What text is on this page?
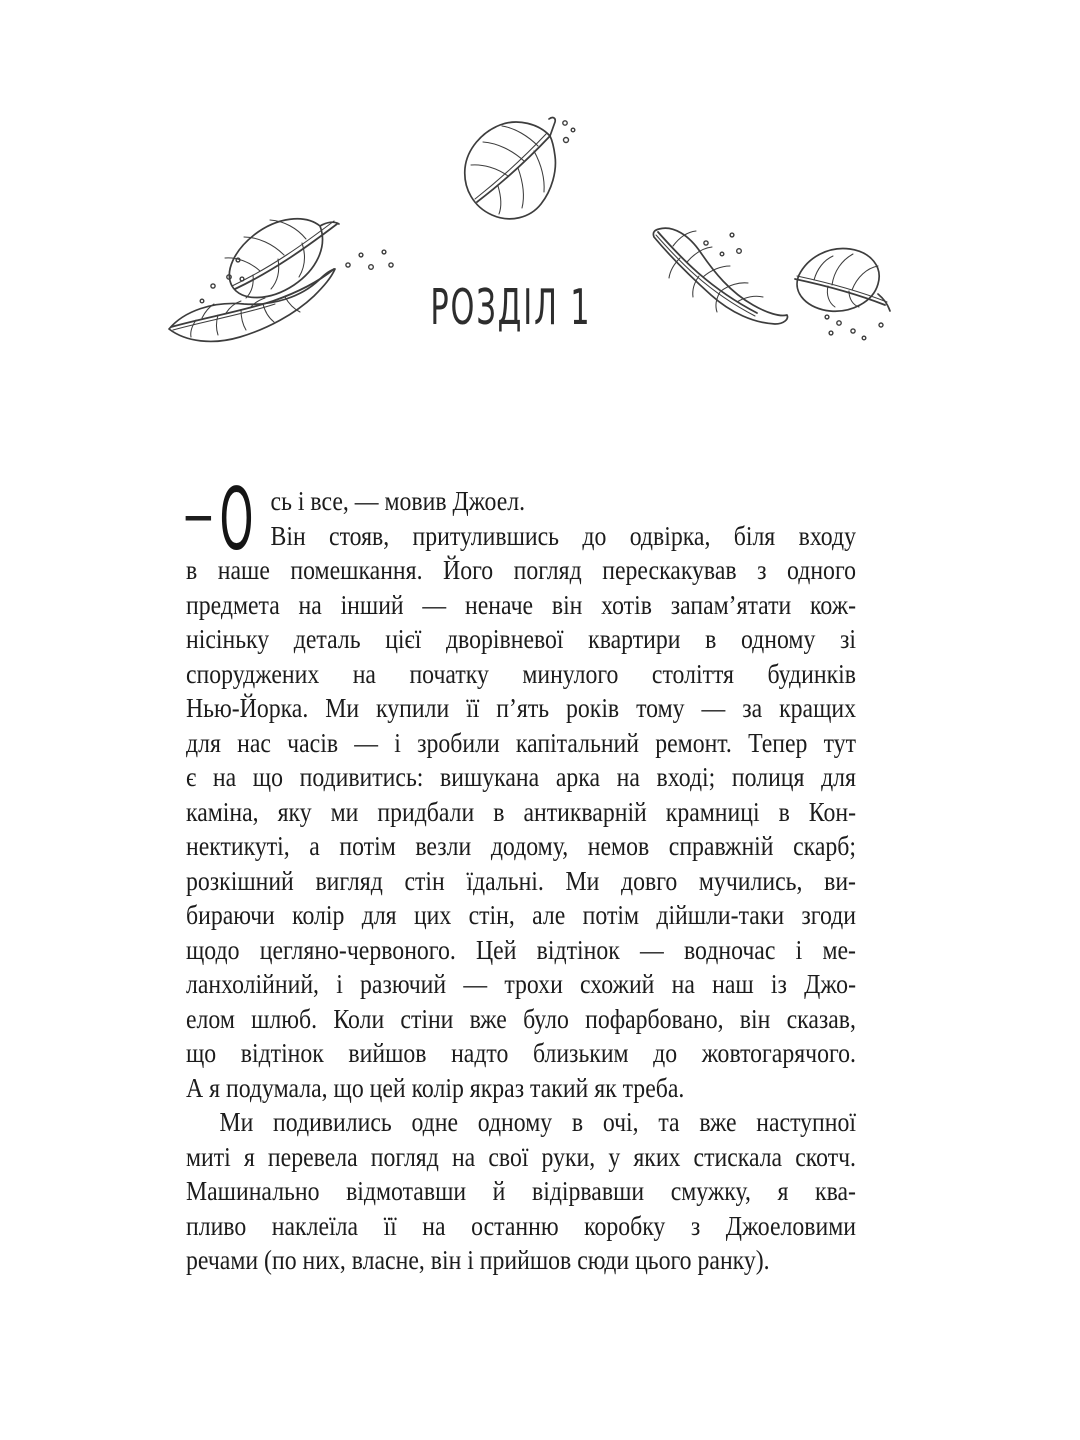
РОЗДІЛ 1
— О сь і все, — мовив Джоел.
Він стояв, притулившись до одвірка, біля входу
в наше помешкання. Його погляд перескакував з одного
предмета на інший — неначе він хотів запам’ятати кож-
нісіньку деталь цієї дворівневої квартири в одному зі
споруджених на початку минулого століття будинків
Нью-Йорка. Ми купили її п’ять років тому — за кращих
для нас часів — і зробили капітальний ремонт. Тепер тут
є на що подивитись: вишукана арка на вході; полиця для
каміна, яку ми придбали в антикварній крамниці в Кон-
нектикуті, а потім везли додому, немов справжній скарб;
розкішний вигляд стін їдальні. Ми довго мучились, ви-
бираючи колір для цих стін, але потім дійшли-таки згоди
щодо цегляно-червоного. Цей відтінок — водночас і ме-
ланхолійний, і разючий — трохи схожий на наш із Джо-
елом шлюб. Коли стіни вже було пофарбовано, він сказав,
що відтінок вийшов надто близьким до жовтогарячого.
А я подумала, що цей колір якраз такий як треба.
Ми подивились одне одному в очі, та вже наступної
миті я перевела погляд на свої руки, у яких стискала скотч.
Машинально відмотавши й відірвавши смужку, я ква-
пливо наклеїла її на останню коробку з Джоеловими
речами (по них, власне, він і прийшов сюди цього ранку).
